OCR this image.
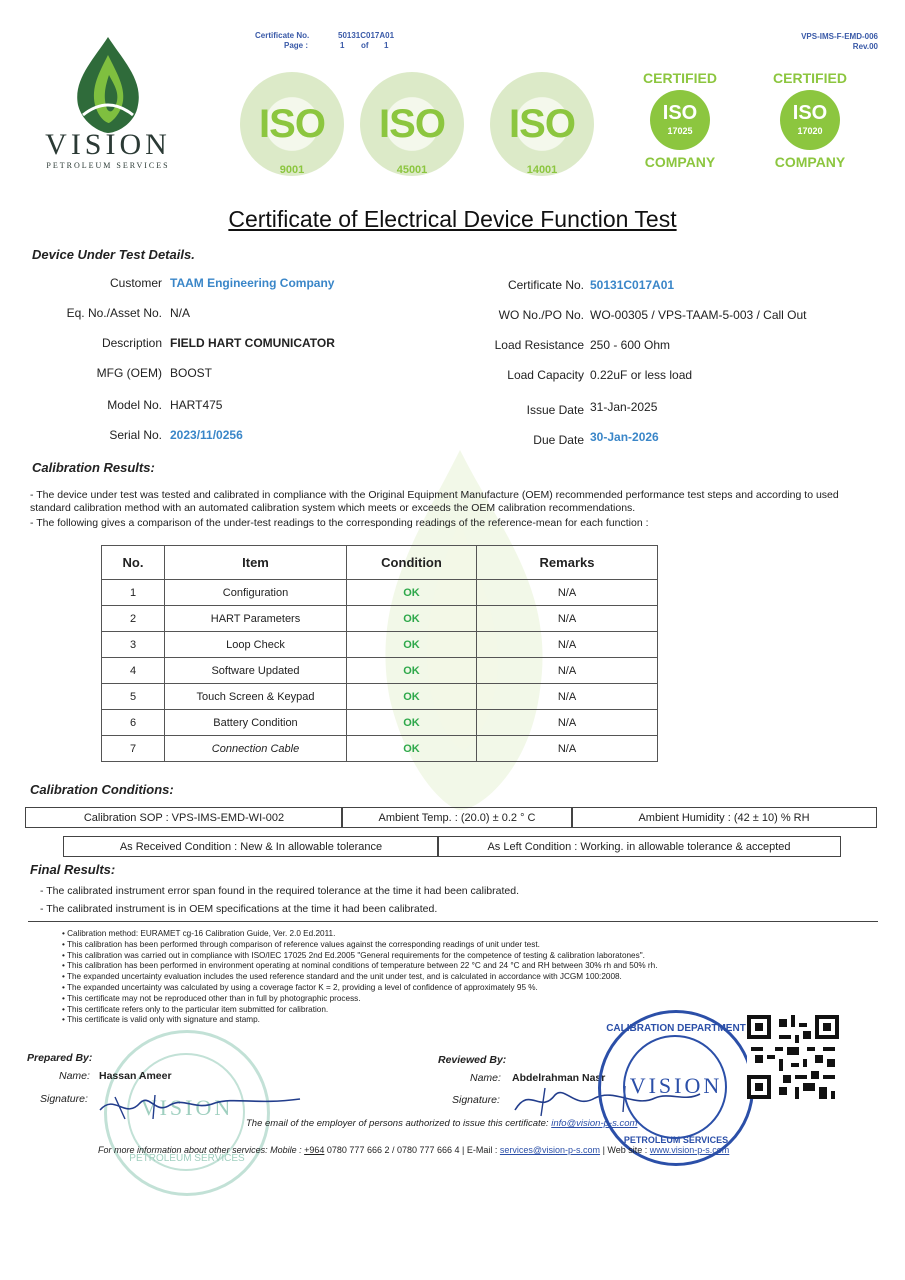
Certificate No.	50131C017A01
Page :	1 of 1
VPS-IMS-F-EMD-006
Rev.00
VISION
PETROLEUM SERVICES
ISO
9001
ISO
45001
ISO
14001
CERTIFIED
ISO
17025
COMPANY
CERTIFIED
ISO
17020
COMPANY
Certificate of Electrical Device Function Test
Device Under Test Details.
Customer TAAM Engineering Company
Eq. No./Asset No. N/A
Description FIELD HART COMUNICATOR
MFG (OEM) BOOST
Model No. HART475
Serial No. 2023/11/0256
Certificate No. 50131C017A01
WO No./PO No. WO-00305 / VPS-TAAM-5-003 / Call Out
Load Resistance 250 - 600 Ohm
Load Capacity 0.22uF or less load
Issue Date 31-Jan-2025
Due Date 30-Jan-2026
Calibration Results:
- The device under test was tested and calibrated in compliance with the Original Equipment Manufacture (OEM) recommended performance test steps and according to used standard calibration method with an automated calibration system which meets or exceeds the OEM calibration recommendations.
- The following gives a comparison of the under-test readings to the corresponding readings of the reference-mean for each function :
No.	Item	Condition	Remarks
1	Configuration	OK	N/A
2	HART Parameters	OK	N/A
3	Loop Check	OK	N/A
4	Software Updated	OK	N/A
5	Touch Screen & Keypad	OK	N/A
6	Battery Condition	OK	N/A
7	Connection Cable	OK	N/A
Calibration Conditions:
Calibration SOP : VPS-IMS-EMD-WI-002	Ambient Temp. : (20.0) ± 0.2 ° C	Ambient Humidity : (42 ± 10) % RH
As Received Condition : New & In allowable tolerance	As Left Condition : Working. in allowable tolerance & accepted
Final Results:
- The calibrated instrument error span found in the required tolerance at the time it had been calibrated.
- The calibrated instrument is in OEM specifications at the time it had been calibrated.
• Calibration method: EURAMET cg-16 Calibration Guide, Ver. 2.0 Ed.2011.
• This calibration has been performed through comparison of reference values against the corresponding readings of unit under test.
• This calibration was carried out in compliance with ISO/IEC 17025 2nd Ed.2005 "General requirements for the competence of testing & calibration laboratones".
• This calibration has been performed in environment operating at nominal conditions of temperature between 22 °C and 24 °C and RH between 30% rh and 50% rh.
• The expanded uncertainty evaluation includes the used reference standard and the unit under test, and is calculated in accordance with JCGM 100:2008.
• The expanded uncertainty was calculated by using a coverage factor K = 2, providing a level of confidence of approximately 95 %.
• This certificate may not be reproduced other than in full by photographic process.
• This certificate refers only to the particular item submitted for calibration.
• This certificate is valid only with signature and stamp.
VISION
PETROLEUM SERVICES
Prepared By:
Name: Hassan Ameer
Signature:
Reviewed By:
Name: Abdelrahman Nasr
Signature:
CALIBRATION DEPARTMENT
VISION
PETROLEUM SERVICES
The email of the employer of persons authorized to issue this certificate: info@vision-p-s.com
For more information about other services: Mobile : +964 0780 777 666 2 / 0780 777 666 4 | E-Mail : services@vision-p-s.com | Web site : www.vision-p-s.com
